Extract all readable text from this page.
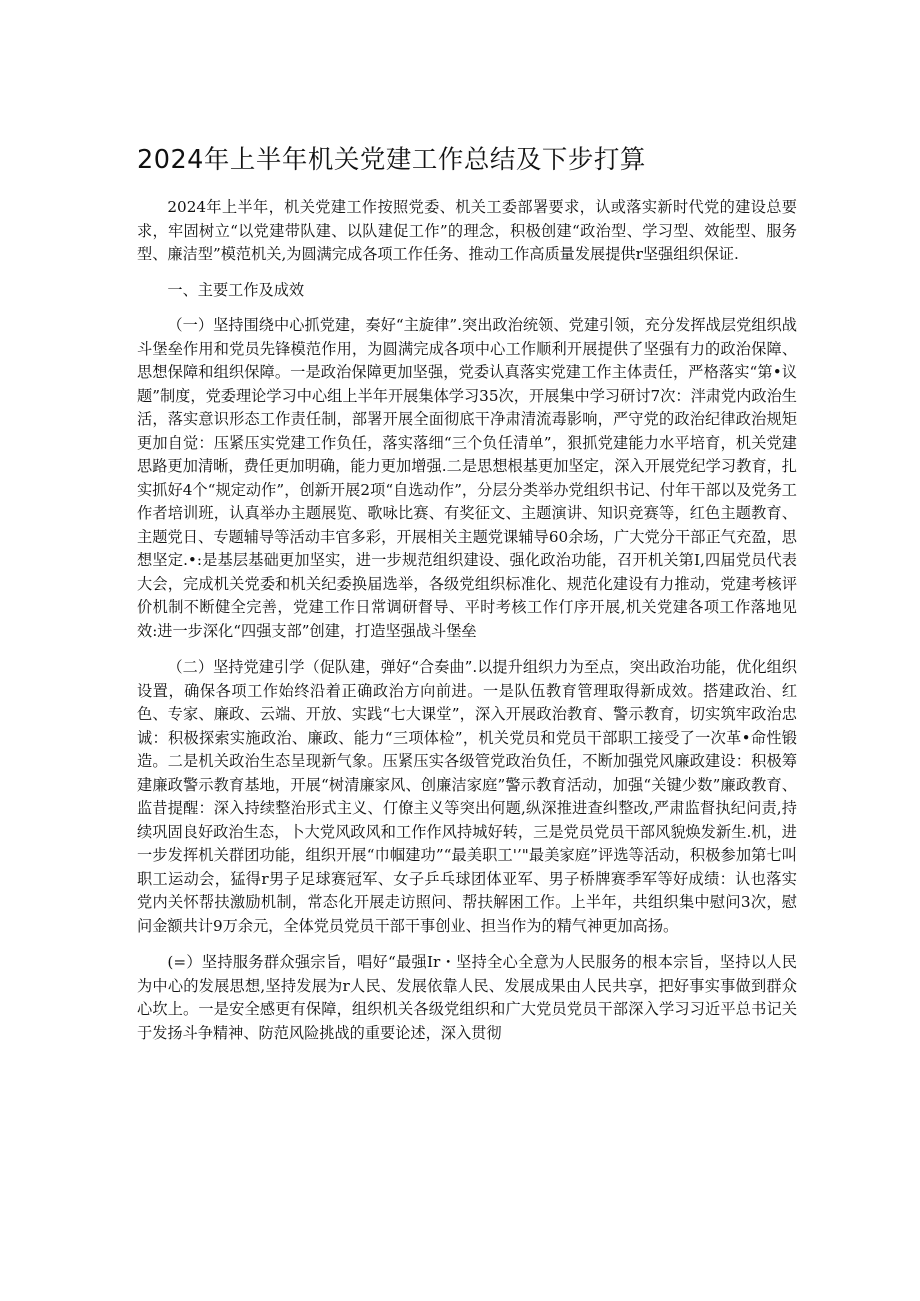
2024年上半年机关党建工作总结及下步打算

2024年上半年，机关党建工作按照党委、机关工委部署要求，认或落实新时代党的建设总要求，牢固树立“以党建带队建、以队建促工作”的理念，积极创建“政治型、学习型、效能型、服务型、廉洁型”模范机关,为圆满完成各项工作任务、推动工作高质量发展提供r坚强组织保证.

一、主要工作及成效

（一）坚持围绕中心抓党建，奏好“主旋律”.突出政治统领、党建引领，充分发挥战层党组织战斗堡垒作用和党员先锋模范作用，为圆满完成各项中心工作顺利开展提供了坚强有力的政治保障、思想保障和组织保障。一是政治保障更加坚强，党委认真落实党建工作主体责任，严格落实“第•议题”制度，党委理论学习中心组上半年开展集体学习35次，开展集中学习研讨7次：泮肃党内政治生活，落实意识形态工作责任制，部署开展全面彻底干净肃清流毒影响，严守党的政治纪律政治规矩更加自觉：压紧压实党建工作负任，落实落细“三个负任清单”，狠抓党建能力水平培育，机关党建思路更加清晰，费任更加明确，能力更加增强.二是思想根基更加坚定，深入开展党纪学习教育，扎实抓好4个“规定动作”，创新开展2项“自选动作”，分层分类举办党组织书记、付年干部以及党务工作者培训班，认真举办主题展览、歌咏比赛、有奖征文、主题演讲、知识竞赛等，红色主题教育、主题党日、专题辅导等活动丰官多彩，开展相关主题党课辅导60余场，广大党分干部正气充盈，思想坚定.•:是基层基础更加坚实，进一步规范组织建设、强化政治功能，召开机关第I,四届党员代表大会，完成机关党委和机关纪委换届选举，各级党组织标准化、规范化建设有力推动，党建考核评价机制不断健全完善，党建工作日常调研督导、平时考核工作仃序开展,机关党建各项工作落地见效:进一步深化“四强支部”创建，打造坚强战斗堡垒

（二）坚持党建引学（促队建，弹好“合奏曲”.以提升组织力为至点，突出政治功能，优化组织设置，确保各项工作始终沿着正确政治方向前进。一是队伍教育管理取得新成效。搭建政治、红色、专家、廉政、云端、开放、实践“七大课堂”，深入开展政治教育、警示教育，切实筑牢政治忠诚：积极探索实施政治、廉政、能力“三项体检”，机关党员和党员干部职工接受了一次革•命性锻造。二是机关政治生态呈现新气象。压紧压实各级管党政治负任，不断加强党风廉政建设：积极筹建廉政警示教育基地，开展“树清廉家风、创廉洁家庭”警示教育活动，加强“关键少数”廉政教育、监昔提醒：深入持续整治形式主义、仃僚主义等突出何题,纵深推进查纠整改,严肃监督执纪问责,持续巩固良好政治生态，卜大党风政风和工作作风持城好转，三是党员党员干部风貌焕发新生.机，进一步发挥机关群团功能，组织开展“巾帼建功”“最美职工'’"最美家庭”评选等活动，积极参加第七叫职工运动会，猛得r男子足球赛冠军、女子乒乓球团体亚军、男子桥牌赛季军等好成绩：认也落实党内关怀帮扶激励机制，常态化开展走访照问、帮扶解困工作。上半年，共组织集中慰问3次，慰问金额共计9万余元，全体党员党员干部干事创业、担当作为的精气神更加高扬。

(=）坚持服务群众强宗旨，唱好“最强Ir・坚持全心全意为人民服务的根本宗旨，坚持以人民为中心的发展思想,坚持发展为r人民、发展依靠人民、发展成果由人民共享，把好事实事做到群众心坎上。一是安全感更有保障，组织机关各级党组织和广大党员党员干部深入学习习近平总书记关于发扬斗争精神、防范风险挑战的重要论述，深入贯彻
